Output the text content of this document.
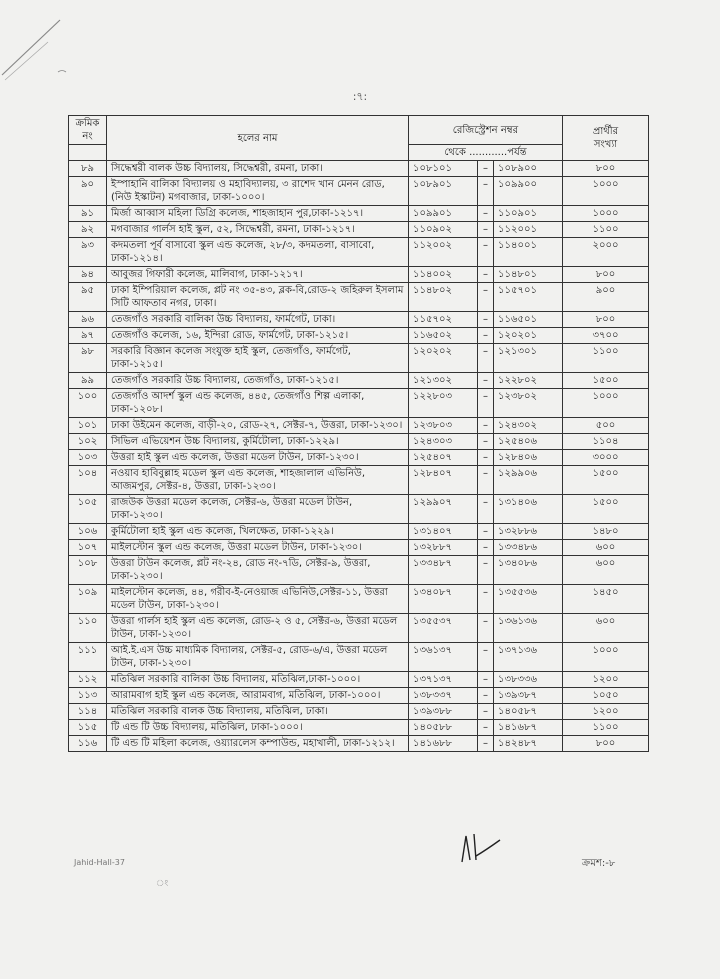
:৭:
ক্রমিক
নং	হলের নাম	রেজিস্ট্রেশন নম্বর			প্রার্থীর
সংখ্যা
		থেকে ............পর্যন্ত			
৮৯	সিদ্ধেশ্বরী বালক উচ্চ বিদ্যালয়, সিদ্ধেশ্বরী, রমনা, ঢাকা।	১০৮১০১	–	১০৮৯০০	৮০০
৯০	ইস্পাহানি বালিকা বিদ্যালয় ও মহাবিদ্যালয়, ৩ রাশেদ খান মেনন রোড, (নিউ ইস্কাটন) মগবাজার, ঢাকা-১০০০।	১০৮৯০১	–	১০৯৯০০	১০০০
৯১	মির্জা আব্বাস মহিলা ডিগ্রি কলেজ, শাহজাহান পুর,ঢাকা-১২১৭।	১০৯৯০১	–	১১০৯০১	১০০০
৯২	মগবাজার গার্লস হাই স্কুল, ৫২, সিদ্ধেশ্বরী, রমনা, ঢাকা-১২১৭।	১১০৯০২	–	১১২০০১	১১০০
৯৩	কদমতলা পূর্ব বাসাবো স্কুল এন্ড কলেজ, ২৮/৩, কদমতলা, বাসাবো, ঢাকা-১২১৪।	১১২০০২	–	১১৪০০১	২০০০
৯৪	আবুজর গিফারী কলেজ, মালিবাগ, ঢাকা-১২১৭।	১১৪০০২	–	১১৪৮০১	৮০০
৯৫	ঢাকা ইম্পিরিয়াল কলেজ, প্লট নং ৩৫-৪৩, ব্লক-বি,রোড-২ জহিরুল ইসলাম সিটি আফতাব নগর, ঢাকা।	১১৪৮০২	–	১১৫৭০১	৯০০
৯৬	তেজগাঁও সরকারি বালিকা উচ্চ বিদ্যালয়, ফার্মগেট, ঢাকা।	১১৫৭০২	–	১১৬৫০১	৮০০
৯৭	তেজগাঁও কলেজ, ১৬, ইন্দিরা রোড, ফার্মগেট, ঢাকা-১২১৫।	১১৬৫০২	–	১২০২০১	৩৭০০
৯৮	সরকারি বিজ্ঞান কলেজ সংযুক্ত হাই স্কুল, তেজগাঁও, ফার্মগেট, ঢাকা-১২১৫।	১২০২০২	–	১২১৩০১	১১০০
৯৯	তেজগাঁও সরকারি উচ্চ বিদ্যালয়, তেজগাঁও, ঢাকা-১২১৫।	১২১৩০২	–	১২২৮০২	১৫০০
১০০	তেজগাঁও আদর্শ স্কুল এন্ড কলেজ, ৪৪৫, তেজগাঁও শিল্প এলাকা, ঢাকা-১২০৮।	১২২৮০৩	–	১২৩৮০২	১০০০
১০১	ঢাকা উইমেন কলেজ, বাড়ী-২০, রোড-২৭, সেক্টর-৭, উত্তরা, ঢাকা-১২৩০।	১২৩৮০৩	–	১২৪৩০২	৫০০
১০২	সিভিল এভিয়েশন উচ্চ বিদ্যালয়, কুর্মিটোলা, ঢাকা-১২২৯।	১২৪৩০৩	–	১২৫৪০৬	১১০৪
১০৩	উত্তরা হাই স্কুল এন্ড কলেজ, উত্তরা মডেল টাউন, ঢাকা-১২৩০।	১২৫৪০৭	–	১২৮৪০৬	৩০০০
১০৪	নওয়াব হাবিবুল্লাহ মডেল স্কুল এন্ড কলেজ, শাহজালাল এভিনিউ, আজমপুর, সেক্টর-৪, উত্তরা, ঢাকা-১২৩০।	১২৮৪০৭	–	১২৯৯০৬	১৫০০
১০৫	রাজউক উত্তরা মডেল কলেজ, সেক্টর-৬, উত্তরা মডেল টাউন, ঢাকা-১২৩০।	১২৯৯০৭	–	১৩১৪০৬	১৫০০
১০৬	কুর্মিটোলা হাই স্কুল এন্ড কলেজ, খিলক্ষেত, ঢাকা-১২২৯।	১৩১৪০৭	–	১৩২৮৮৬	১৪৮০
১০৭	মাইলস্টোন স্কুল এন্ড কলেজ, উত্তরা মডেল টাউন, ঢাকা-১২৩০।	১৩২৮৮৭	–	১৩৩৪৮৬	৬০০
১০৮	উত্তরা টাউন কলেজ, প্লট নং-২৪, রোড নং-৭ডি, সেক্টর-৯, উত্তরা, ঢাকা-১২৩০।	১৩৩৪৮৭	–	১৩৪০৮৬	৬০০
১০৯	মাইলস্টোন কলেজ, ৪৪, গরীব-ই-নেওয়াজ এভিনিউ,সেক্টর-১১, উত্তরা মডেল টাউন, ঢাকা-১২৩০।	১৩৪০৮৭	–	১৩৫৫৩৬	১৪৫০
১১০	উত্তরা গার্লস হাই স্কুল এন্ড কলেজ, রোড-২ ও ৫, সেক্টর-৬, উত্তরা মডেল টাউন, ঢাকা-১২৩০।	১৩৫৫৩৭	–	১৩৬১৩৬	৬০০
১১১	আই.ই.এস উচ্চ মাধ্যমিক বিদ্যালয়, সেক্টর-৫, রোড-৬/এ, উত্তরা মডেল টাউন, ঢাকা-১২৩০।	১৩৬১৩৭	–	১৩৭১৩৬	১০০০
১১২	মতিঝিল সরকারি বালিকা উচ্চ বিদ্যালয়, মতিঝিল,ঢাকা-১০০০।	১৩৭১৩৭	–	১৩৮৩৩৬	১২০০
১১৩	আরামবাগ হাই স্কুল এন্ড কলেজ, আরামবাগ, মতিঝিল, ঢাকা-১০০০।	১৩৮৩৩৭	–	১৩৯৩৮৭	১০৫০
১১৪	মতিঝিল সরকারি বালক উচ্চ বিদ্যালয়, মতিঝিল, ঢাকা।	১৩৯৩৮৮	–	১৪০৫৮৭	১২০০
১১৫	টি এন্ড টি উচ্চ বিদ্যালয়, মতিঝিল, ঢাকা-১০০০।	১৪০৫৮৮	–	১৪১৬৮৭	১১০০
১১৬	টি এন্ড টি মহিলা কলেজ, ওয়্যারলেস কম্পাউন্ড, মহাখালী, ঢাকা-১২১২।	১৪১৬৮৮	–	১৪২৪৮৭	৮০০
ক্রমশ:-৮
Jahid-Hall-37
ং
